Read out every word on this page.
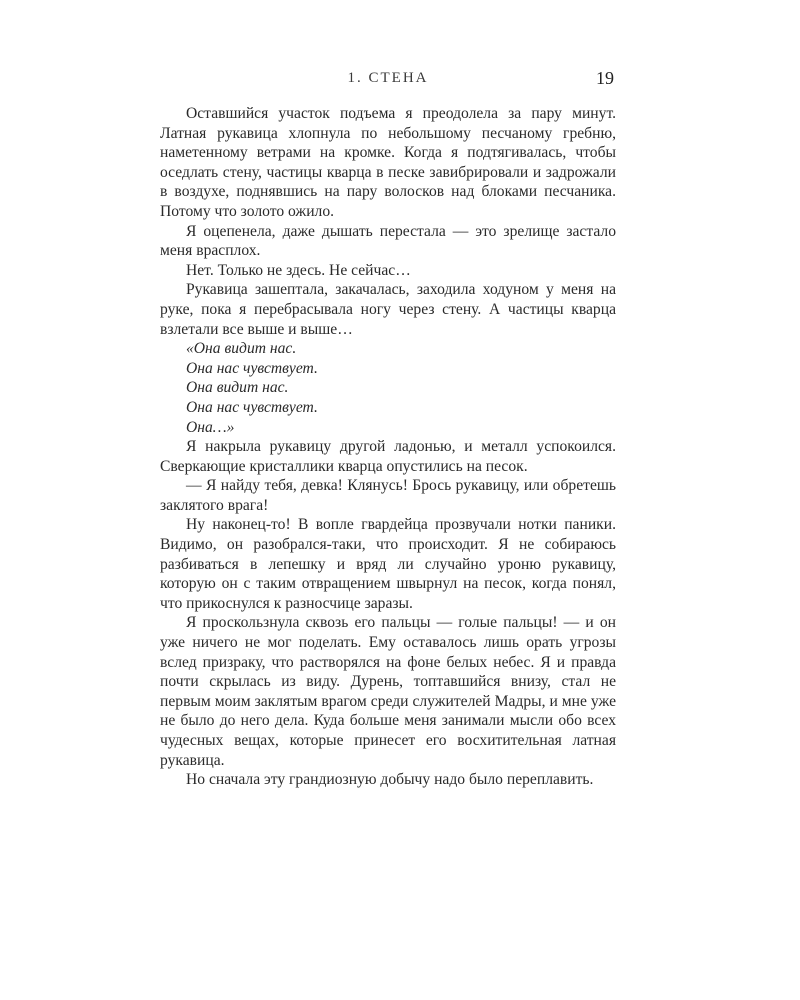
1. СТЕНА	19

Оставшийся участок подъема я преодолела за пару минут. Латная рукавица хлопнула по небольшому песчаному гребню, наметенному ветрами на кромке. Когда я подтягивалась, чтобы оседлать стену, частицы кварца в песке завибрировали и задрожали в воздухе, поднявшись на пару волосков над блоками песчаника. Потому что золото ожило.

Я оцепенела, даже дышать перестала — это зрелище застало меня врасплох.

Нет. Только не здесь. Не сейчас…

Рукавица зашептала, закачалась, заходила ходуном у меня на руке, пока я перебрасывала ногу через стену. А частицы кварца взлетали все выше и выше…

«Она видит нас.

Она нас чувствует.

Она видит нас.

Она нас чувствует.

Она…»

Я накрыла рукавицу другой ладонью, и металл успокоился. Сверкающие кристаллики кварца опустились на песок.

— Я найду тебя, девка! Клянусь! Брось рукавицу, или обретешь заклятого врага!

Ну наконец-то! В вопле гвардейца прозвучали нотки паники. Видимо, он разобрался-таки, что происходит. Я не собираюсь разбиваться в лепешку и вряд ли случайно уроню рукавицу, которую он с таким отвращением швырнул на песок, когда понял, что прикоснулся к разносчице заразы.

Я проскользнула сквозь его пальцы — голые пальцы! — и он уже ничего не мог поделать. Ему оставалось лишь орать угрозы вслед призраку, что растворялся на фоне белых небес. Я и правда почти скрылась из виду. Дурень, топтавшийся внизу, стал не первым моим заклятым врагом среди служителей Мадры, и мне уже не было до него дела. Куда больше меня занимали мысли обо всех чудесных вещах, которые принесет его восхитительная латная рукавица.

Но сначала эту грандиозную добычу надо было переплавить.
